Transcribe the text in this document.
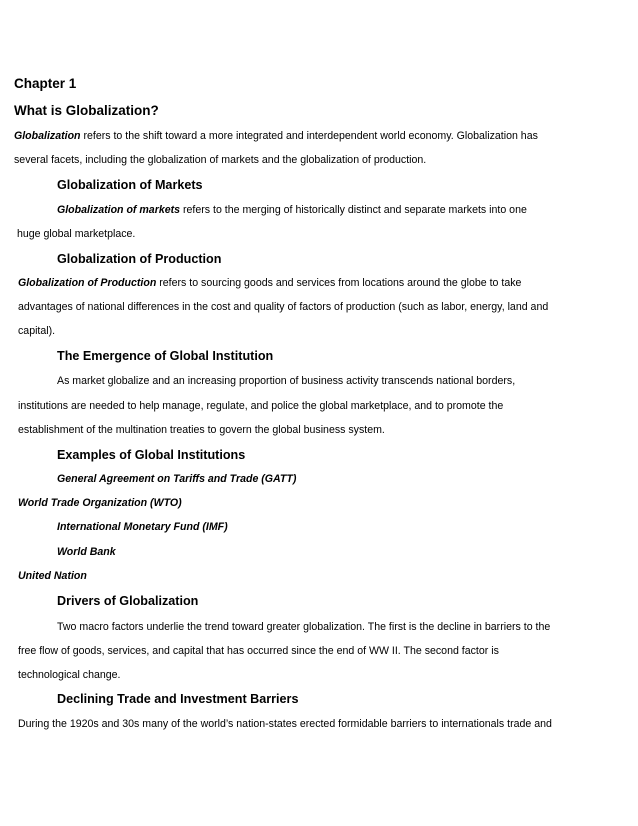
Chapter 1
What is Globalization?
Globalization refers to the shift toward a more integrated and interdependent world economy. Globalization has
several facets, including the globalization of markets and the globalization of production.
Globalization of Markets
Globalization of markets refers to the merging of historically distinct and separate markets into one
huge global marketplace.
Globalization of Production
Globalization of Production refers to sourcing goods and services from locations around the globe to take
advantages of national differences in the cost and quality of factors of production (such as labor, energy, land and
capital).
The Emergence of Global Institution
As market globalize and an increasing proportion of business activity transcends national borders,
institutions are needed to help manage, regulate, and police the global marketplace, and to promote the
establishment of the multination treaties to govern the global business system.
Examples of Global Institutions
General Agreement on Tariffs and Trade (GATT)
World Trade Organization (WTO)
International Monetary Fund (IMF)
World Bank
United Nation
Drivers of Globalization
Two macro factors underlie the trend toward greater globalization. The first is the decline in barriers to the
free flow of goods, services, and capital that has occurred since the end of WW II. The second factor is
technological change.
Declining Trade and Investment Barriers
During the 1920s and 30s many of the world’s nation-states erected formidable barriers to internationals trade and
